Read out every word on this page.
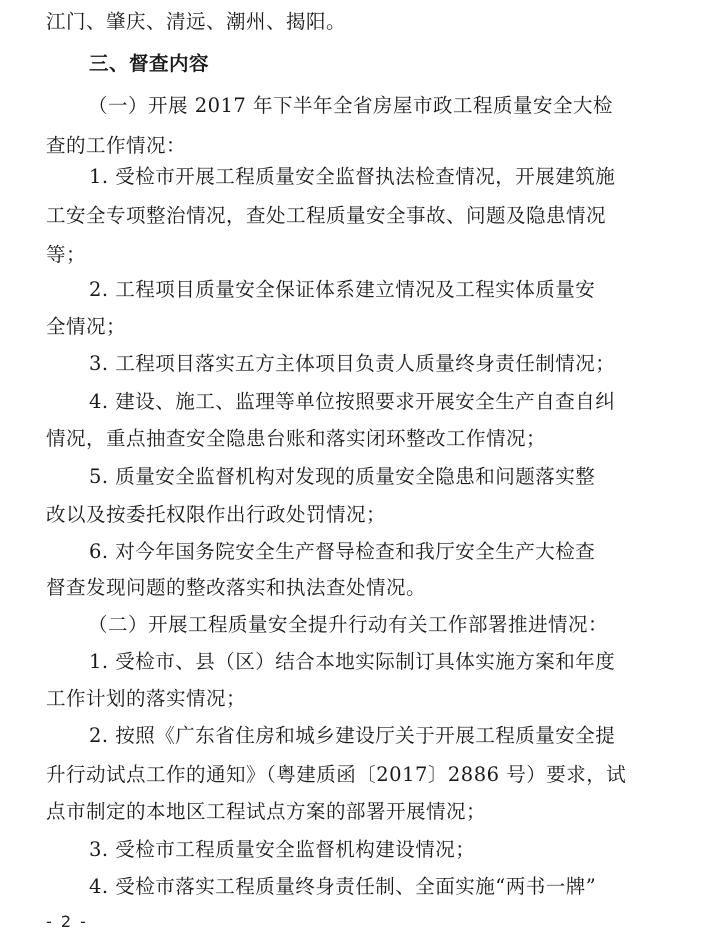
江门、肇庆、清远、潮州、揭阳。
三、督查内容
（一）开展 2017 年下半年全省房屋市政工程质量安全大检
查的工作情况：
1. 受检市开展工程质量安全监督执法检查情况，开展建筑施
工安全专项整治情况，查处工程质量安全事故、问题及隐患情况
等；
2. 工程项目质量安全保证体系建立情况及工程实体质量安
全情况；
3. 工程项目落实五方主体项目负责人质量终身责任制情况；
4. 建设、施工、监理等单位按照要求开展安全生产自查自纠
情况，重点抽查安全隐患台账和落实闭环整改工作情况；
5. 质量安全监督机构对发现的质量安全隐患和问题落实整
改以及按委托权限作出行政处罚情况；
6. 对今年国务院安全生产督导检查和我厅安全生产大检查
督查发现问题的整改落实和执法查处情况。
（二）开展工程质量安全提升行动有关工作部署推进情况：
1. 受检市、县（区）结合本地实际制订具体实施方案和年度
工作计划的落实情况；
2. 按照《广东省住房和城乡建设厅关于开展工程质量安全提
升行动试点工作的通知》（粤建质函〔2017〕2886 号）要求，试
点市制定的本地区工程试点方案的部署开展情况；
3. 受检市工程质量安全监督机构建设情况；
4. 受检市落实工程质量终身责任制、全面实施“两书一牌”
- 2 -
